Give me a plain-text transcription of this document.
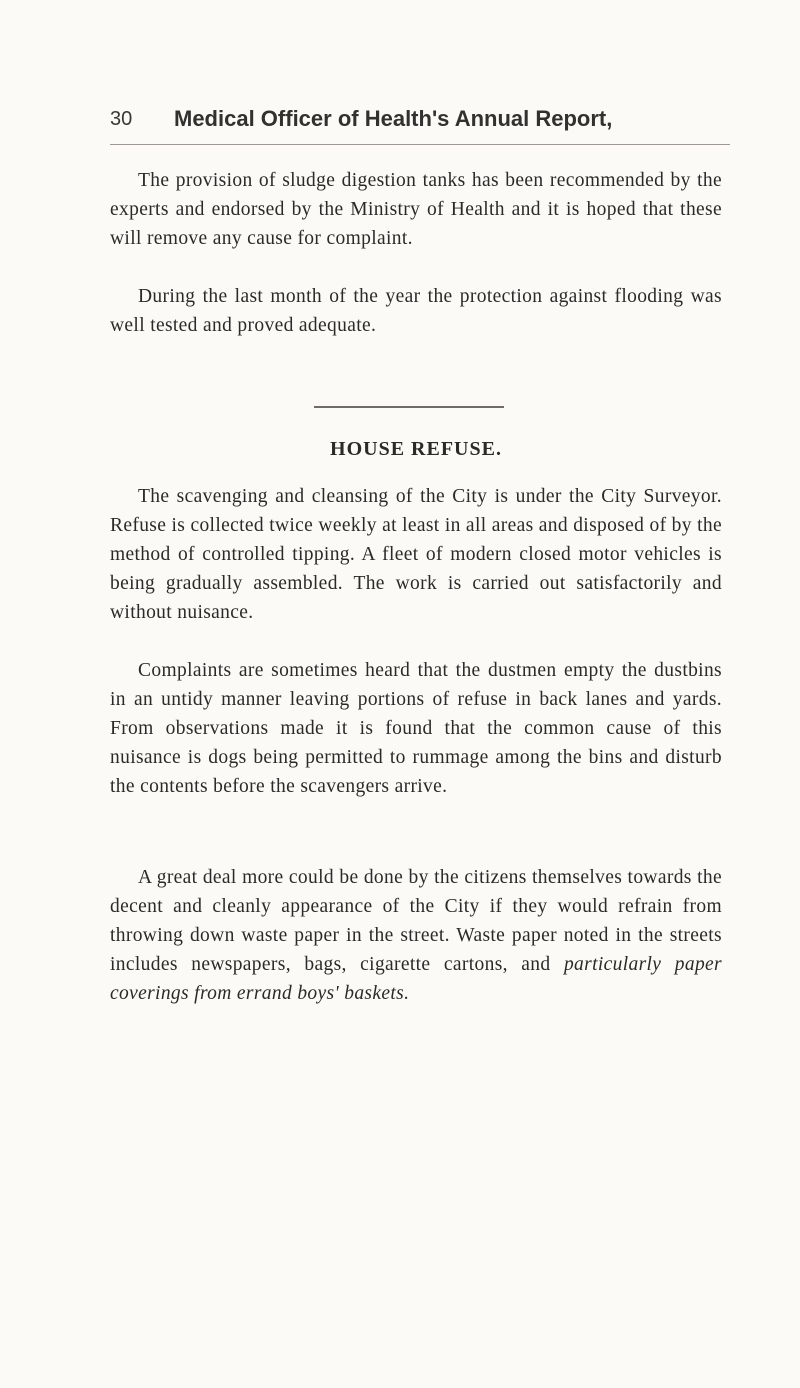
30 Medical Officer of Health's Annual Report,

The provision of sludge digestion tanks has been recommended by the experts and endorsed by the Ministry of Health and it is hoped that these will remove any cause for complaint.

During the last month of the year the protection against flooding was well tested and proved adequate.

HOUSE REFUSE.

The scavenging and cleansing of the City is under the City Surveyor. Refuse is collected twice weekly at least in all areas and disposed of by the method of controlled tipping. A fleet of modern closed motor vehicles is being gradually assembled. The work is carried out satisfactorily and without nuisance.

Complaints are sometimes heard that the dustmen empty the dustbins in an untidy manner leaving portions of refuse in back lanes and yards. From observations made it is found that the common cause of this nuisance is dogs being permitted to rummage among the bins and disturb the contents before the scavengers arrive.

A great deal more could be done by the citizens themselves towards the decent and cleanly appearance of the City if they would refrain from throwing down waste paper in the street. Waste paper noted in the streets includes newspapers, bags, cigarette cartons, and particularly paper coverings from errand boys' baskets.
